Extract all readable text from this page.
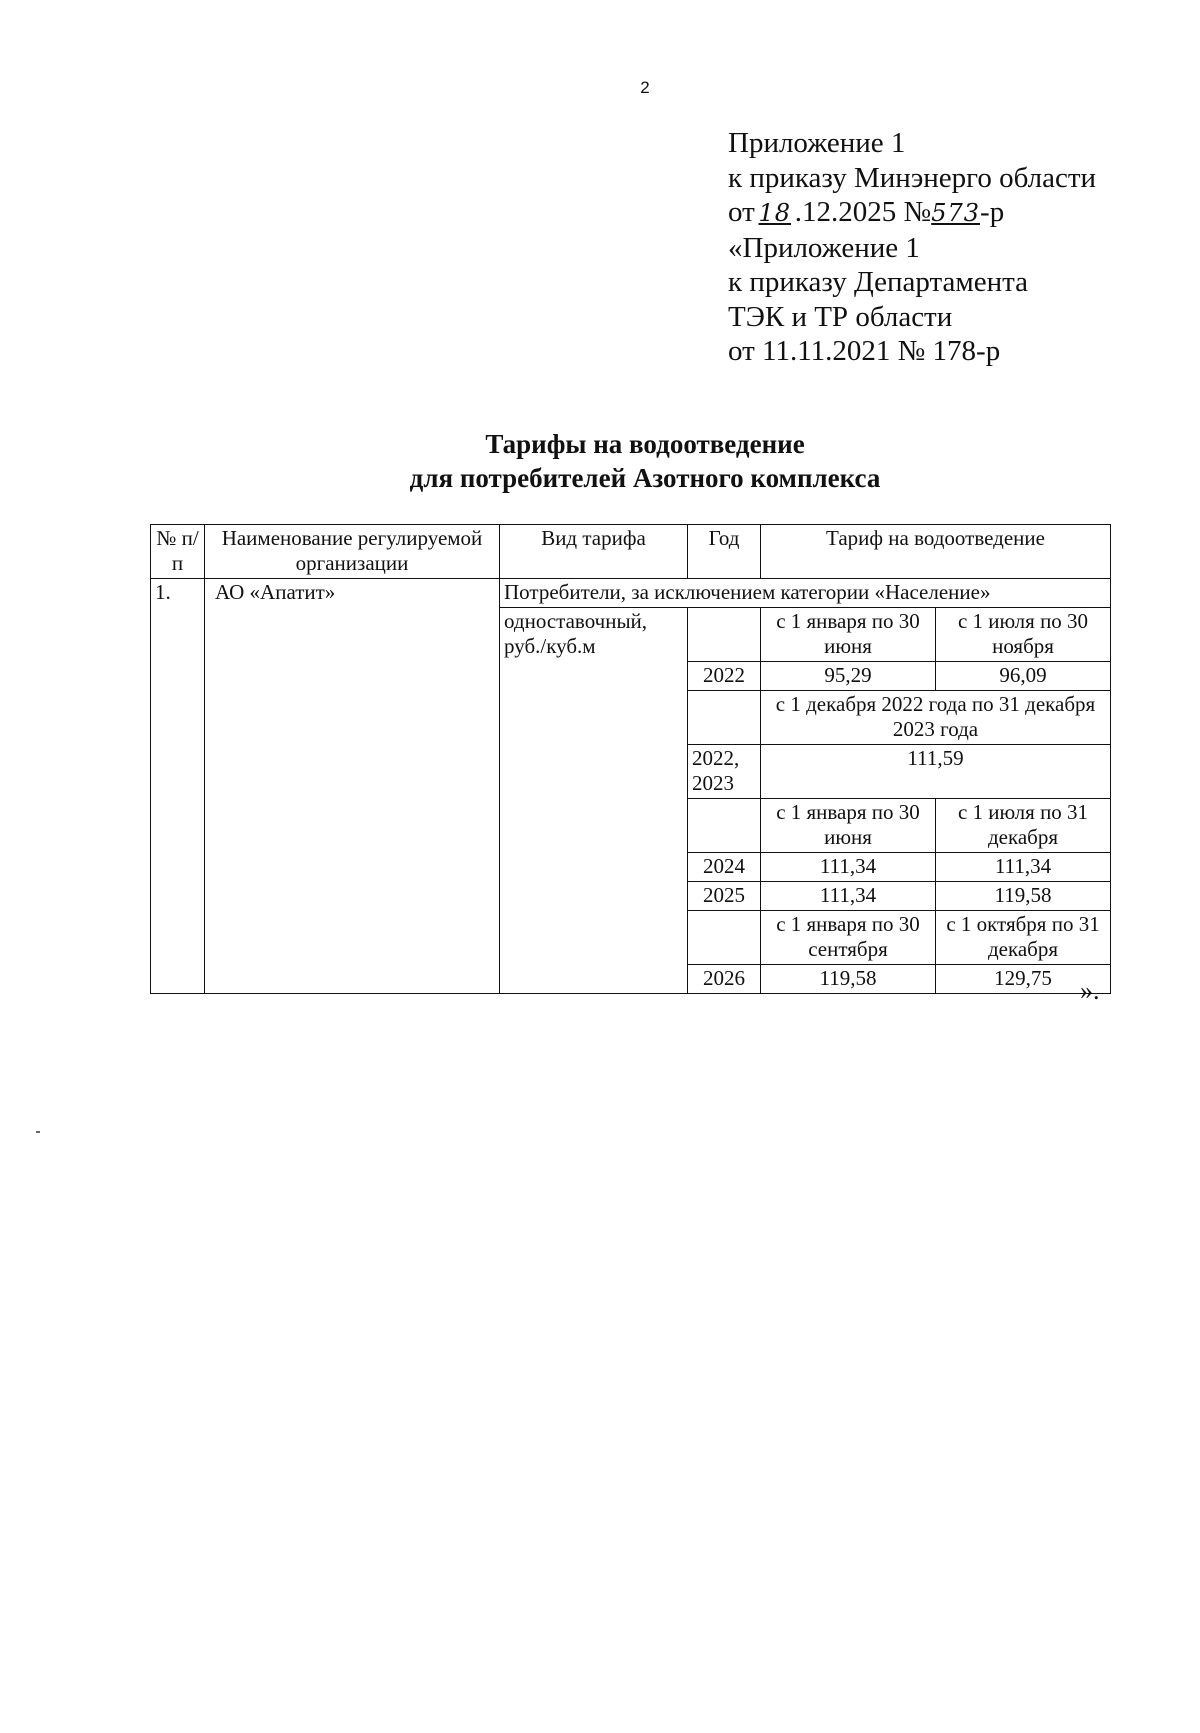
2
Приложение 1
к приказу Минэнерго области
от 18 .12.2025 №573-р
«Приложение 1
к приказу Департамента
ТЭК и ТР области
от 11.11.2021 № 178-р
Тарифы на водоотведение
для потребителей Азотного комплекса
№ п/п	Наименование регулируемой организации	Вид тарифа	Год	Тариф на водоотведение	
1.	АО «Апатит»	Потребители, за исключением категории «Население»			
		одноставочный, руб./куб.м		с 1 января по 30 июня	с 1 июля по 30 ноября
			2022	95,29	96,09
				с 1 декабря 2022 года по 31 декабря 2023 года	
			2022, 2023	111,59	
				с 1 января по 30 июня	с 1 июля по 31 декабря
			2024	111,34	111,34
			2025	111,34	119,58
				с 1 января по 30 сентября	с 1 октября по 31 декабря
			2026	119,58	129,75 ».
